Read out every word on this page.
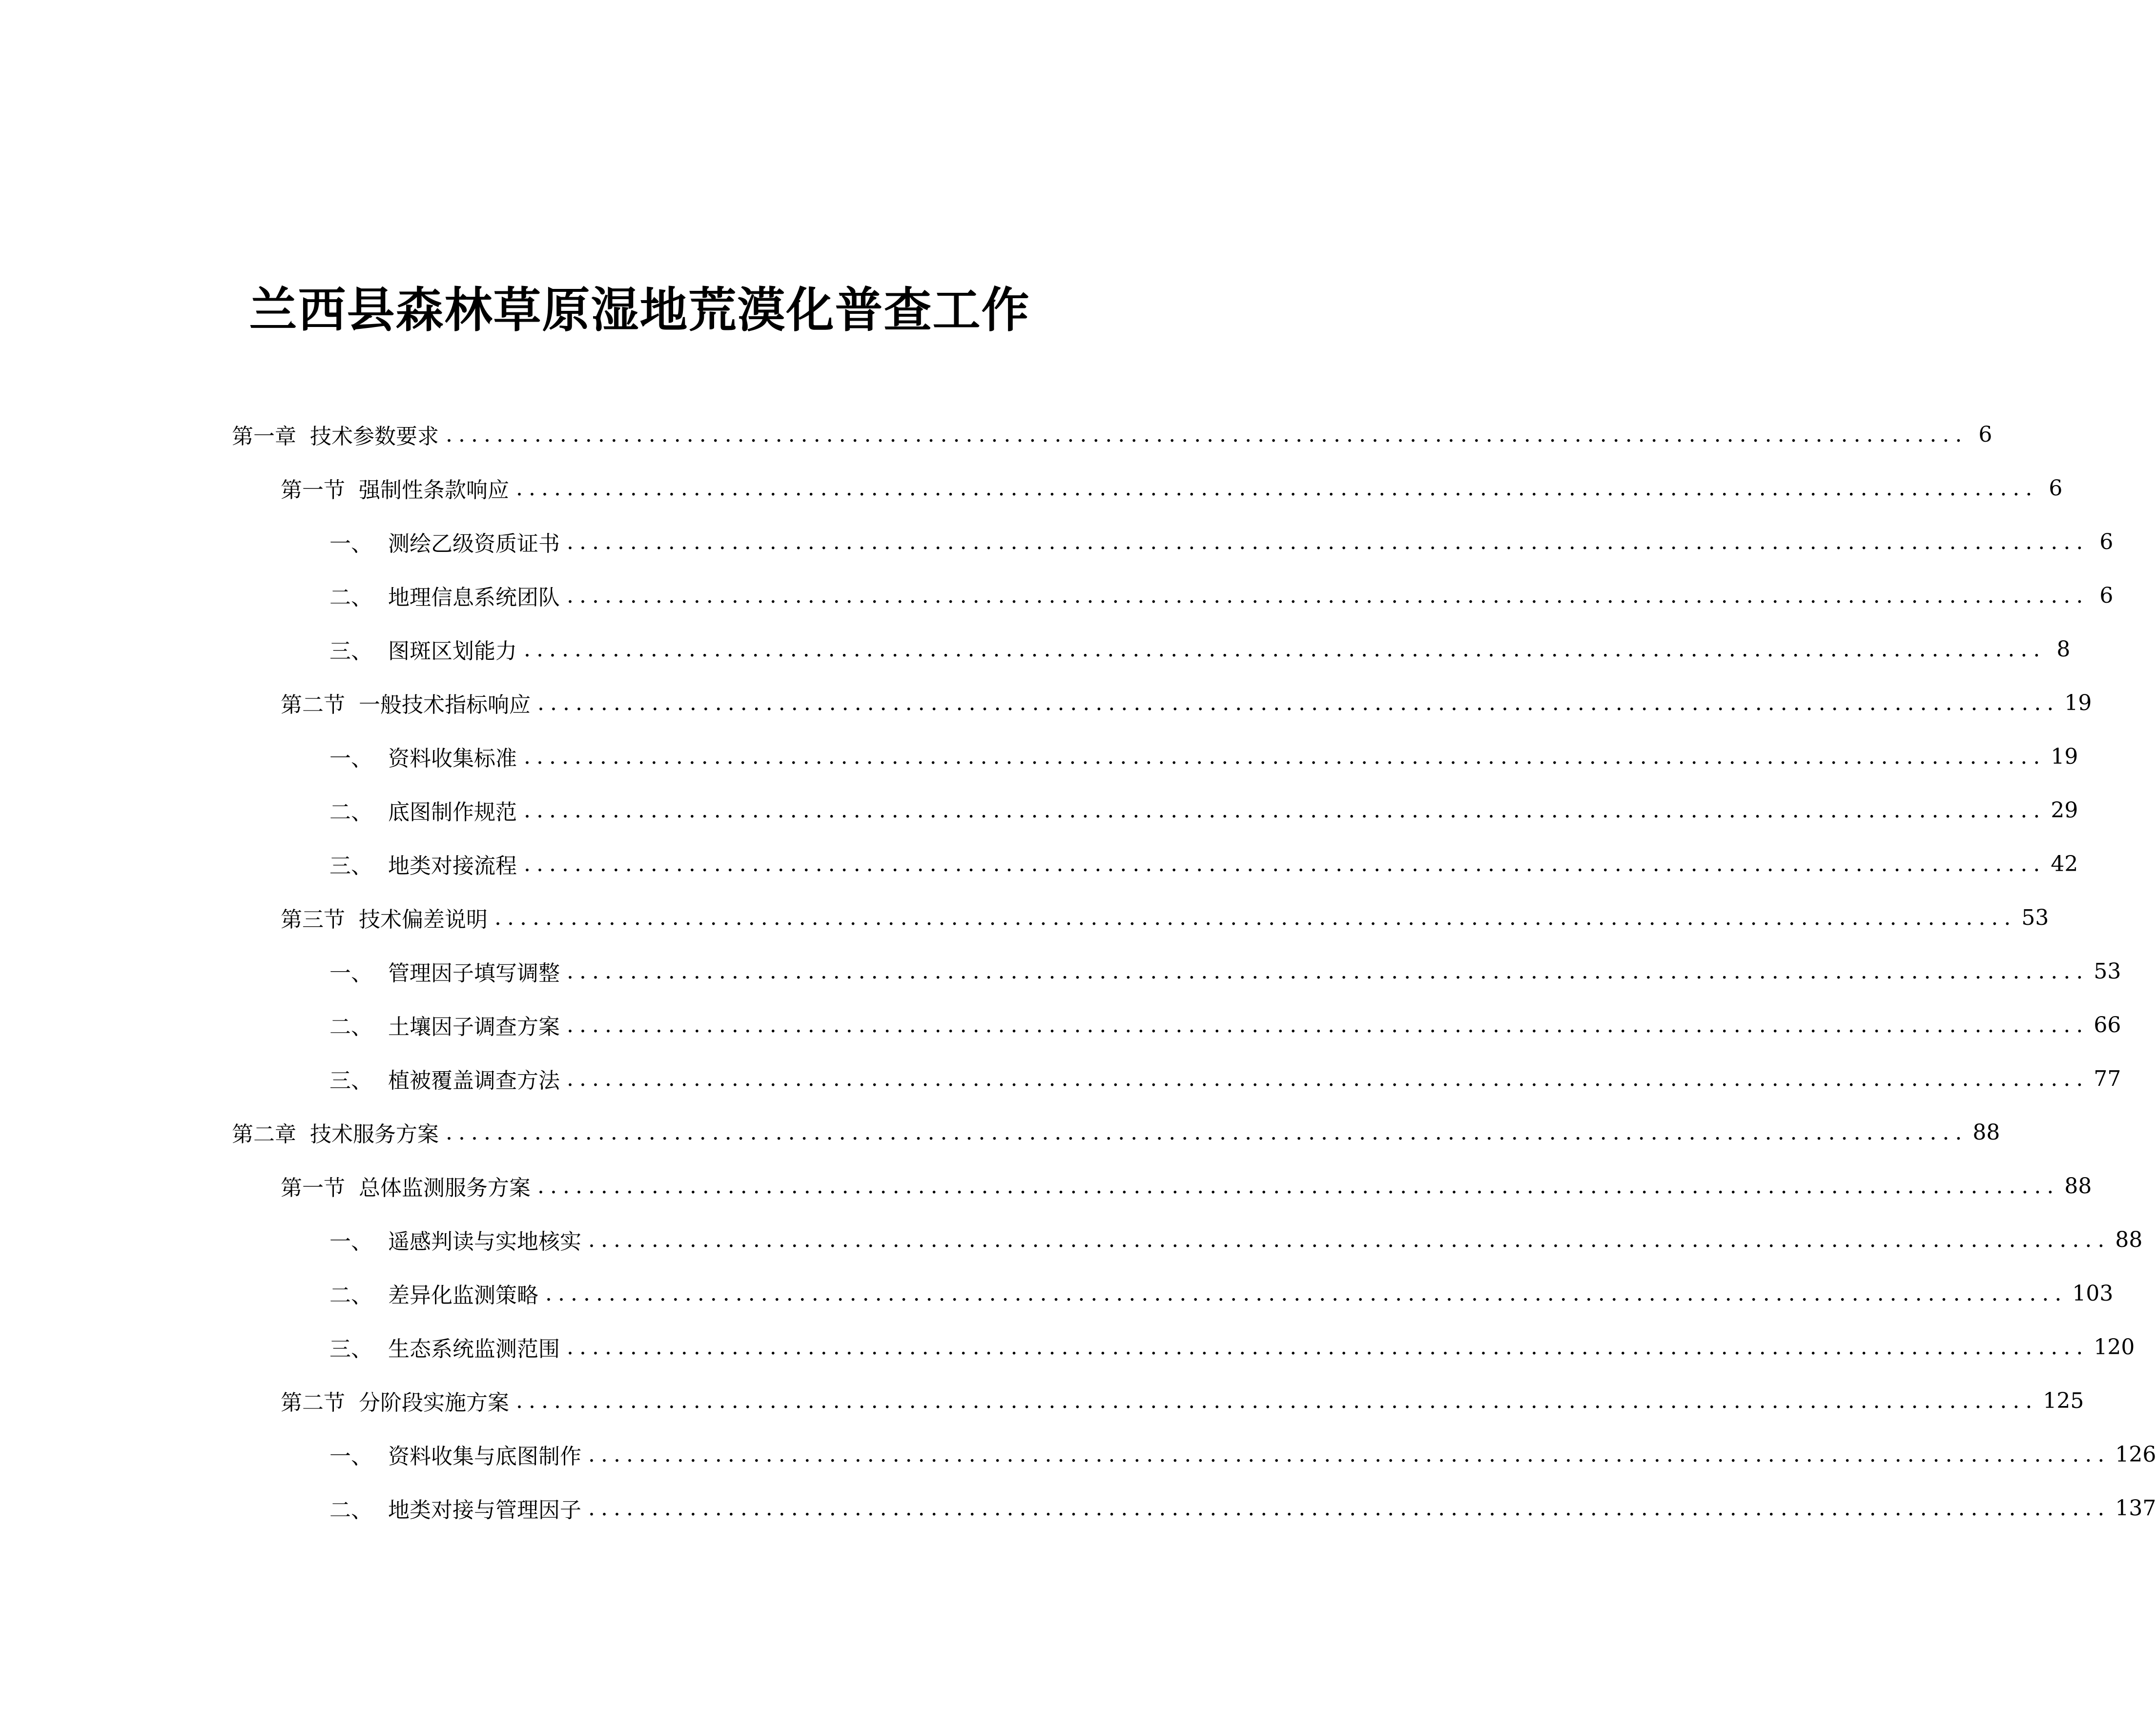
兰西县森林草原湿地荒漠化普查工作
第一章 技术参数要求 ........................................................................................................................ 6
第一节 强制性条款响应 ........................................................................................................................ 6
一、 测绘乙级资质证书 ........................................................................................................................ 6
二、 地理信息系统团队 ........................................................................................................................ 6
三、 图斑区划能力 ........................................................................................................................ 8
第二节 一般技术指标响应 ........................................................................................................................ 19
一、 资料收集标准 ........................................................................................................................ 19
二、 底图制作规范 ........................................................................................................................ 29
三、 地类对接流程 ........................................................................................................................ 42
第三节 技术偏差说明 ........................................................................................................................ 53
一、 管理因子填写调整 ........................................................................................................................ 53
二、 土壤因子调查方案 ........................................................................................................................ 66
三、 植被覆盖调查方法 ........................................................................................................................ 77
第二章 技术服务方案 ........................................................................................................................ 88
第一节 总体监测服务方案 ........................................................................................................................ 88
一、 遥感判读与实地核实 ........................................................................................................................ 88
二、 差异化监测策略 ........................................................................................................................ 103
三、 生态系统监测范围 ........................................................................................................................ 120
第二节 分阶段实施方案 ........................................................................................................................ 125
一、 资料收集与底图制作 ........................................................................................................................ 126
二、 地类对接与管理因子 ........................................................................................................................ 137
